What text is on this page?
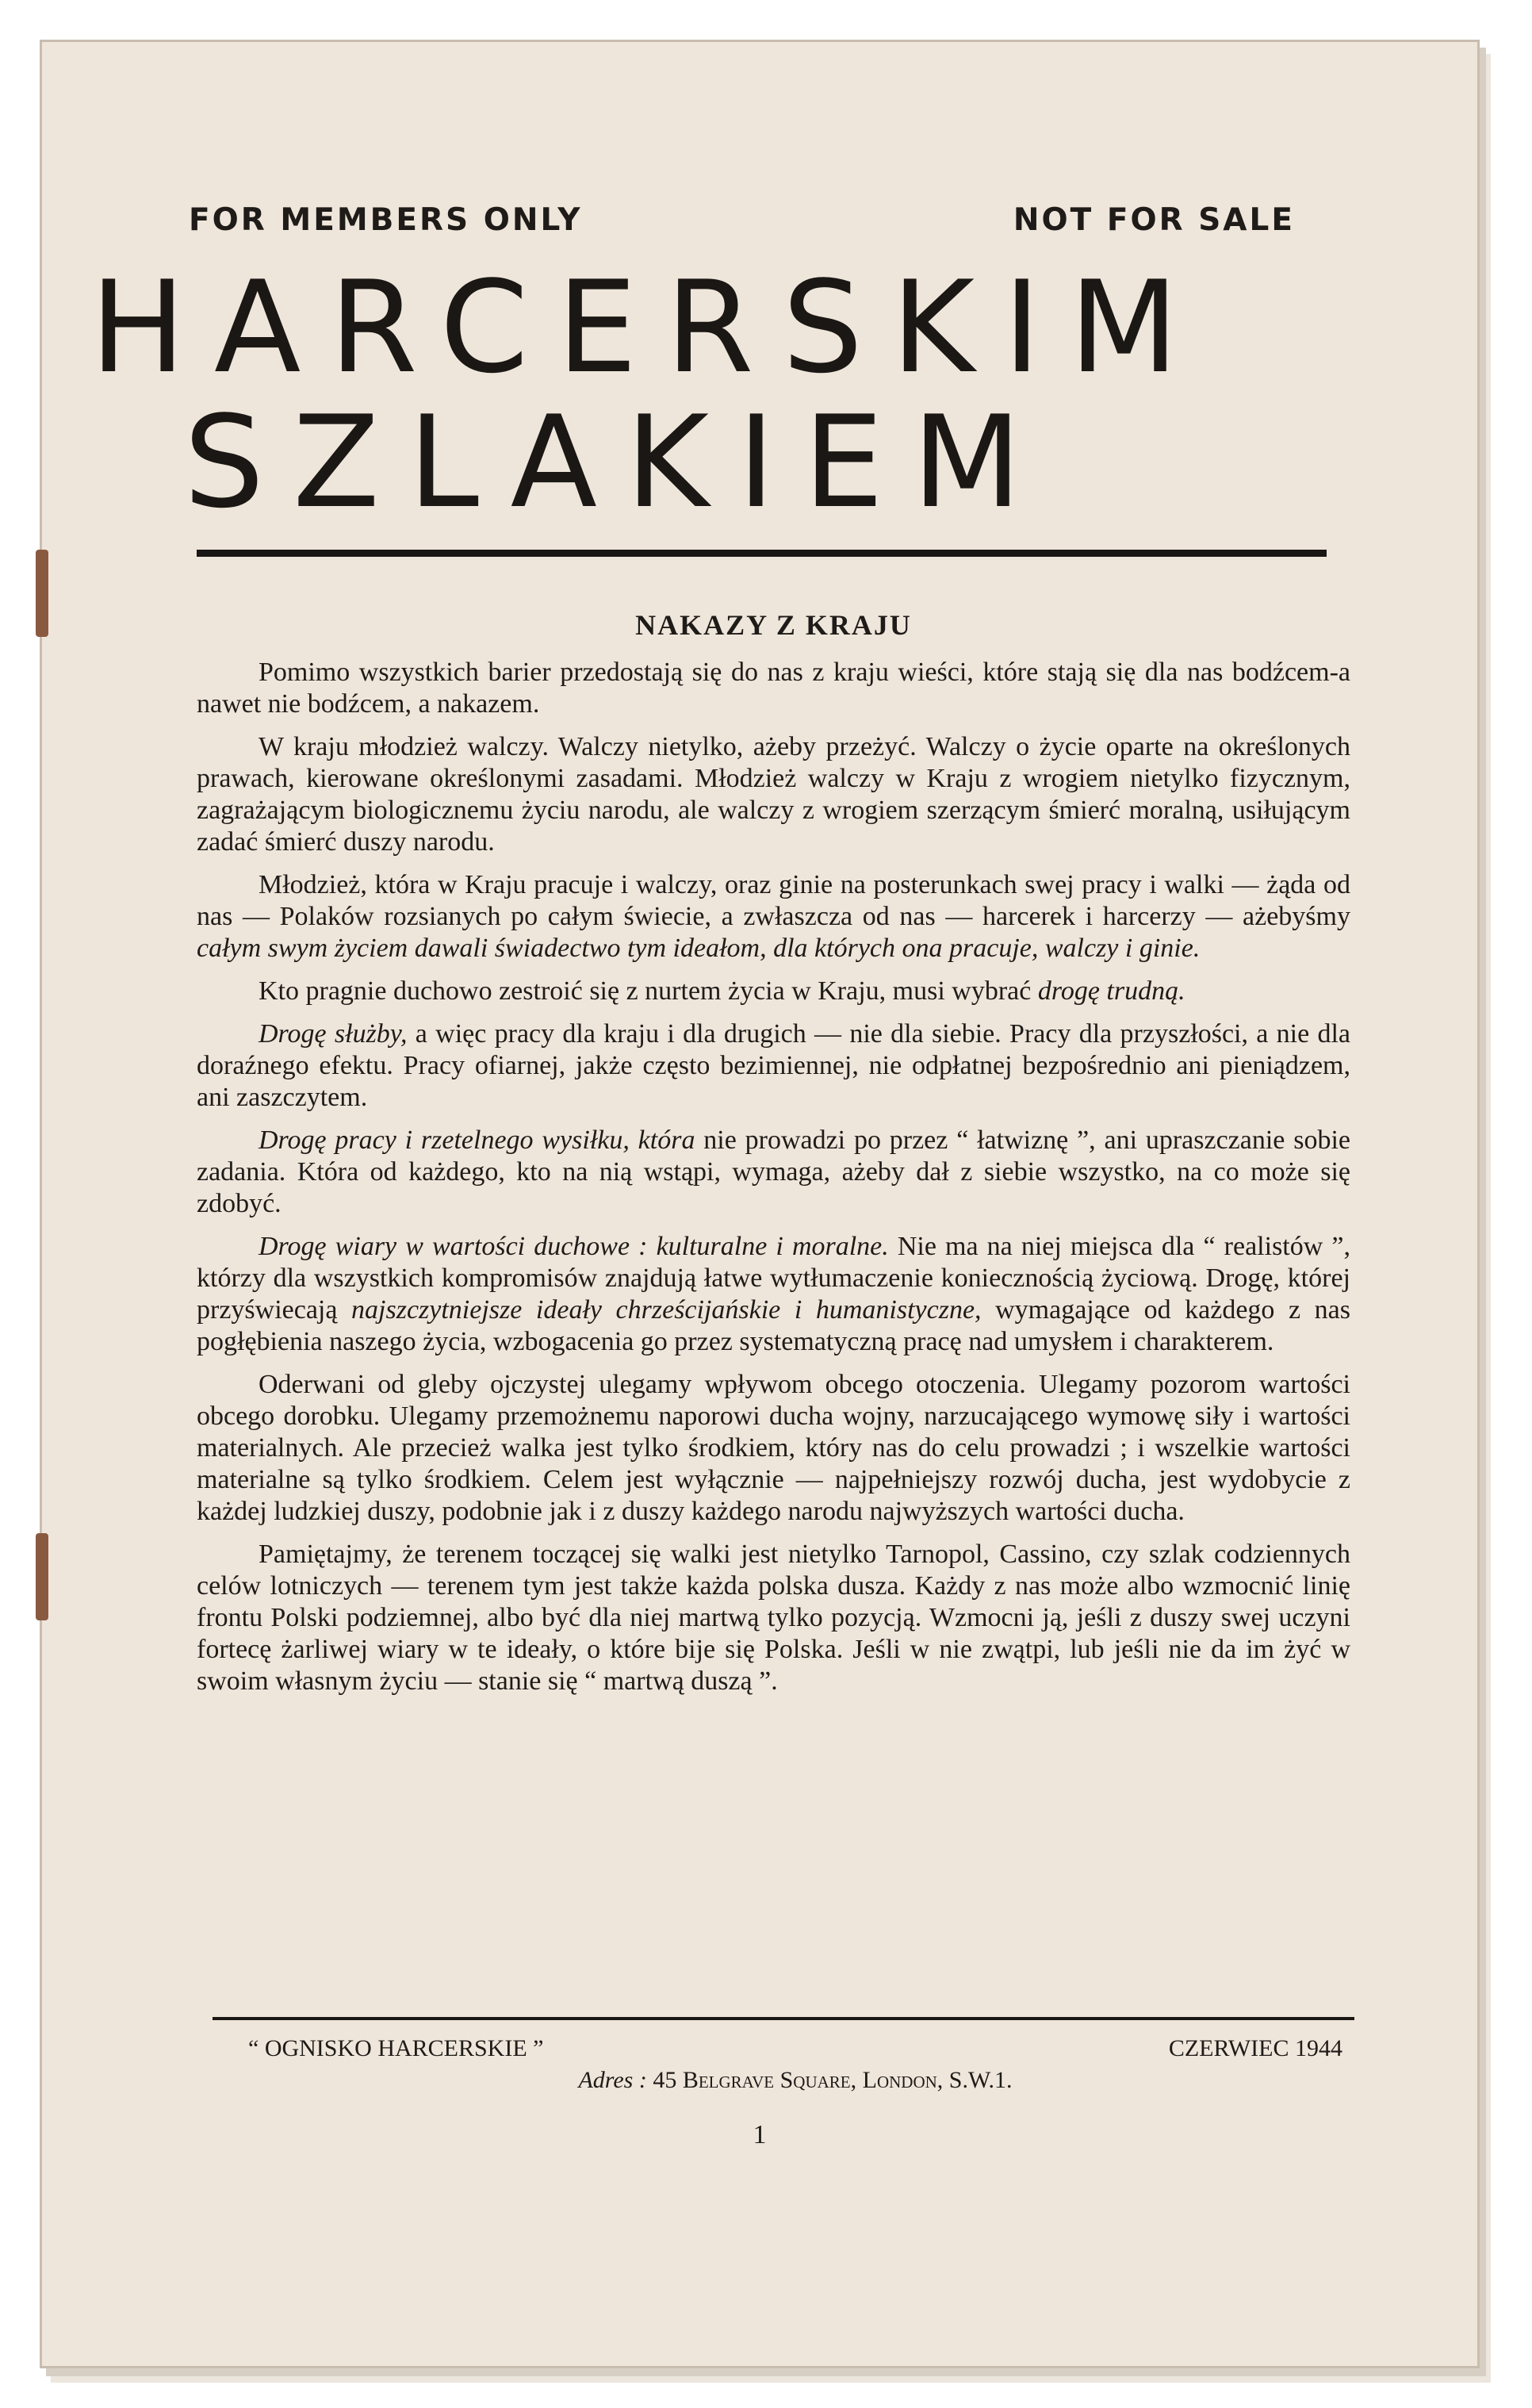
FOR MEMBERS ONLY	NOT FOR SALE
HARCERSKIM
SZLAKIEM
NAKAZY Z KRAJU

Pomimo wszystkich barier przedostają się do nas z kraju wieści, które stają się dla nas bodźcem-a nawet nie bodźcem, a nakazem.

W kraju młodzież walczy. Walczy nietylko, ażeby przeżyć. Walczy o życie oparte na określonych prawach, kierowane określonymi zasadami. Młodzież walczy w Kraju z wrogiem nietylko fizycznym, zagrażającym biologicznemu życiu narodu, ale walczy z wrogiem szerzącym śmierć moralną, usiłującym zadać śmierć duszy narodu.

Młodzież, która w Kraju pracuje i walczy, oraz ginie na posterunkach swej pracy i walki — żąda od nas — Polaków rozsianych po całym świecie, a zwłaszcza od nas — harcerek i harcerzy — ażebyśmy całym swym życiem dawali świadectwo tym ideałom, dla których ona pracuje, walczy i ginie.

Kto pragnie duchowo zestroić się z nurtem życia w Kraju, musi wybrać drogę trudną.

Drogę służby, a więc pracy dla kraju i dla drugich — nie dla siebie. Pracy dla przyszłości, a nie dla doraźnego efektu. Pracy ofiarnej, jakże często bezimiennej, nie odpłatnej bezpośrednio ani pieniądzem, ani zaszczytem.

Drogę pracy i rzetelnego wysiłku, która nie prowadzi po przez “ łatwiznę ”, ani upraszczanie sobie zadania. Która od każdego, kto na nią wstąpi, wymaga, ażeby dał z siebie wszystko, na co może się zdobyć.

Drogę wiary w wartości duchowe : kulturalne i moralne. Nie ma na niej miejsca dla “ realistów ”, którzy dla wszystkich kompromisów znajdują łatwe wytłumaczenie koniecznością życiową. Drogę, której przyświecają najszczytniejsze ideały chrześcijańskie i humanistyczne, wymagające od każdego z nas pogłębienia naszego życia, wzbogacenia go przez systematyczną pracę nad umysłem i charakterem.

Oderwani od gleby ojczystej ulegamy wpływom obcego otoczenia. Ulegamy pozorom wartości obcego dorobku. Ulegamy przemożnemu naporowi ducha wojny, narzucającego wymowę siły i wartości materialnych. Ale przecież walka jest tylko środkiem, który nas do celu prowadzi ; i wszelkie wartości materialne są tylko środkiem. Celem jest wyłącznie — najpełniejszy rozwój ducha, jest wydobycie z każdej ludzkiej duszy, podobnie jak i z duszy każdego narodu najwyższych wartości ducha.

Pamiętajmy, że terenem toczącej się walki jest nietylko Tarnopol, Cassino, czy szlak codziennych celów lotniczych — terenem tym jest także każda polska dusza. Każdy z nas może albo wzmocnić linię frontu Polski podziemnej, albo być dla niej martwą tylko pozycją. Wzmocni ją, jeśli z duszy swej uczyni fortecę żarliwej wiary w te ideały, o które bije się Polska. Jeśli w nie zwątpi, lub jeśli nie da im żyć w swoim własnym życiu — stanie się “ martwą duszą ”.

“ OGNISKO HARCERSKIE ”	CZERWIEC 1944
Adres : 45 Belgrave Square, London, S.W.1.
1
